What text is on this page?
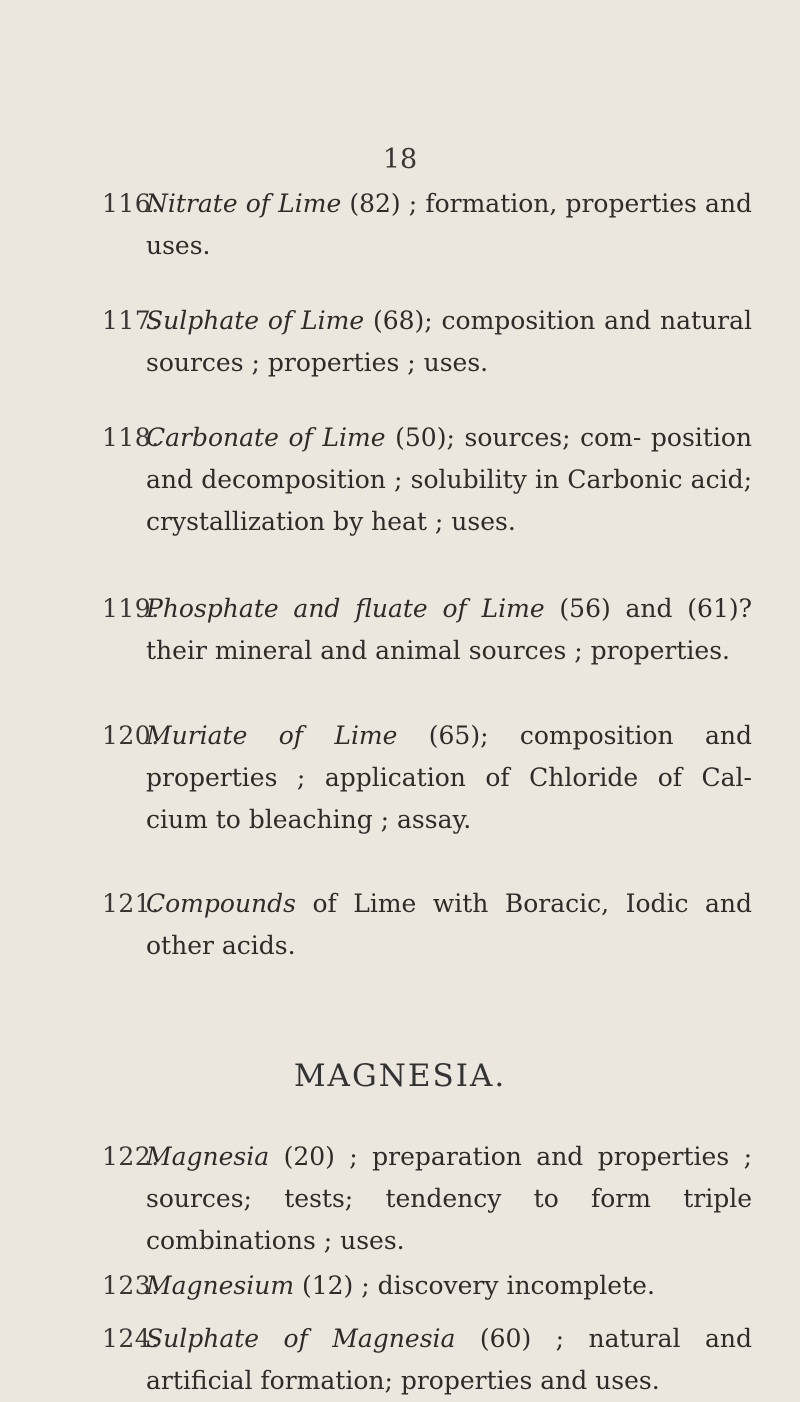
18
116.
Nitrate of Lime (82) ; formation, properties and uses.
117.
Sulphate of Lime (68); composition and natural sources ; properties ; uses.
118.
Carbonate of Lime (50); sources; com- position and decomposition ; solubility in Carbonic acid; crystallization by heat ; uses.
119.
Phosphate and fluate of Lime (56) and (61)? their mineral and animal sources ; properties.
120.
Muriate of Lime (65); composition and properties ; application of Chloride of Cal- cium to bleaching ; assay.
121.
Compounds of Lime with Boracic, Iodic and other acids.
MAGNESIA.
122.
Magnesia (20) ; preparation and properties ; sources; tests; tendency to form triple combinations ; uses.
123.
Magnesium (12) ; discovery incomplete.
124.
Sulphate of Magnesia (60) ; natural and artificial formation; properties and uses.
